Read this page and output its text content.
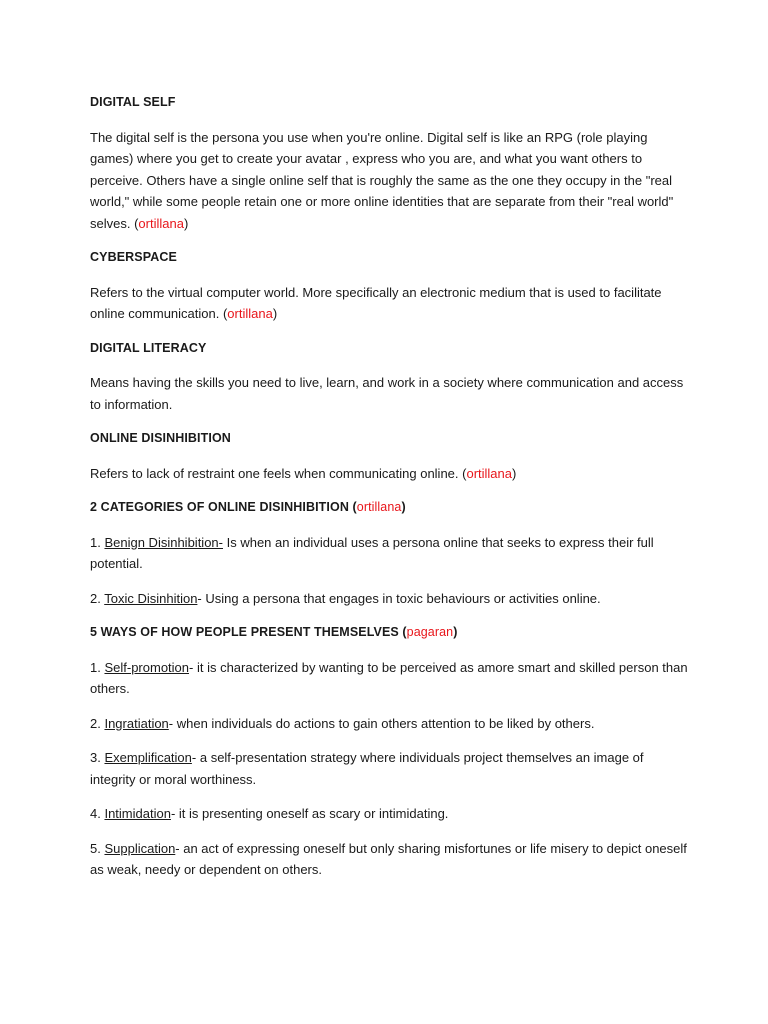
DIGITAL SELF
The digital self is the persona you use when you're online. Digital self is like an RPG (role playing games) where you get to create your avatar , express who you are, and what you want others to perceive. Others have a single online self that is roughly the same as the one they occupy in the "real world," while some people retain one or more online identities that are separate from their "real world" selves. (ortillana)
CYBERSPACE
Refers to the virtual computer world. More specifically an electronic medium that is used to facilitate online communication. (ortillana)
DIGITAL LITERACY
Means having the skills you need to live, learn, and work in a society where communication and access to information.
ONLINE DISINHIBITION
Refers to lack of restraint one feels when communicating online. (ortillana)
2 CATEGORIES OF ONLINE DISINHIBITION (ortillana)
1. Benign Disinhibition- Is when an individual uses a persona online that seeks to express their full potential.
2. Toxic Disinhition- Using a persona that engages in toxic behaviours or activities online.
5 WAYS OF HOW PEOPLE PRESENT THEMSELVES (pagaran)
1. Self-promotion- it is characterized by wanting to be perceived as amore smart and skilled person than others.
2. Ingratiation- when individuals do actions to gain others attention to be liked by others.
3. Exemplification- a self-presentation strategy where individuals project themselves an image of integrity or moral worthiness.
4. Intimidation- it is presenting oneself as scary or intimidating.
5. Supplication- an act of expressing oneself but only sharing misfortunes or life misery to depict oneself as weak, needy or dependent on others.
